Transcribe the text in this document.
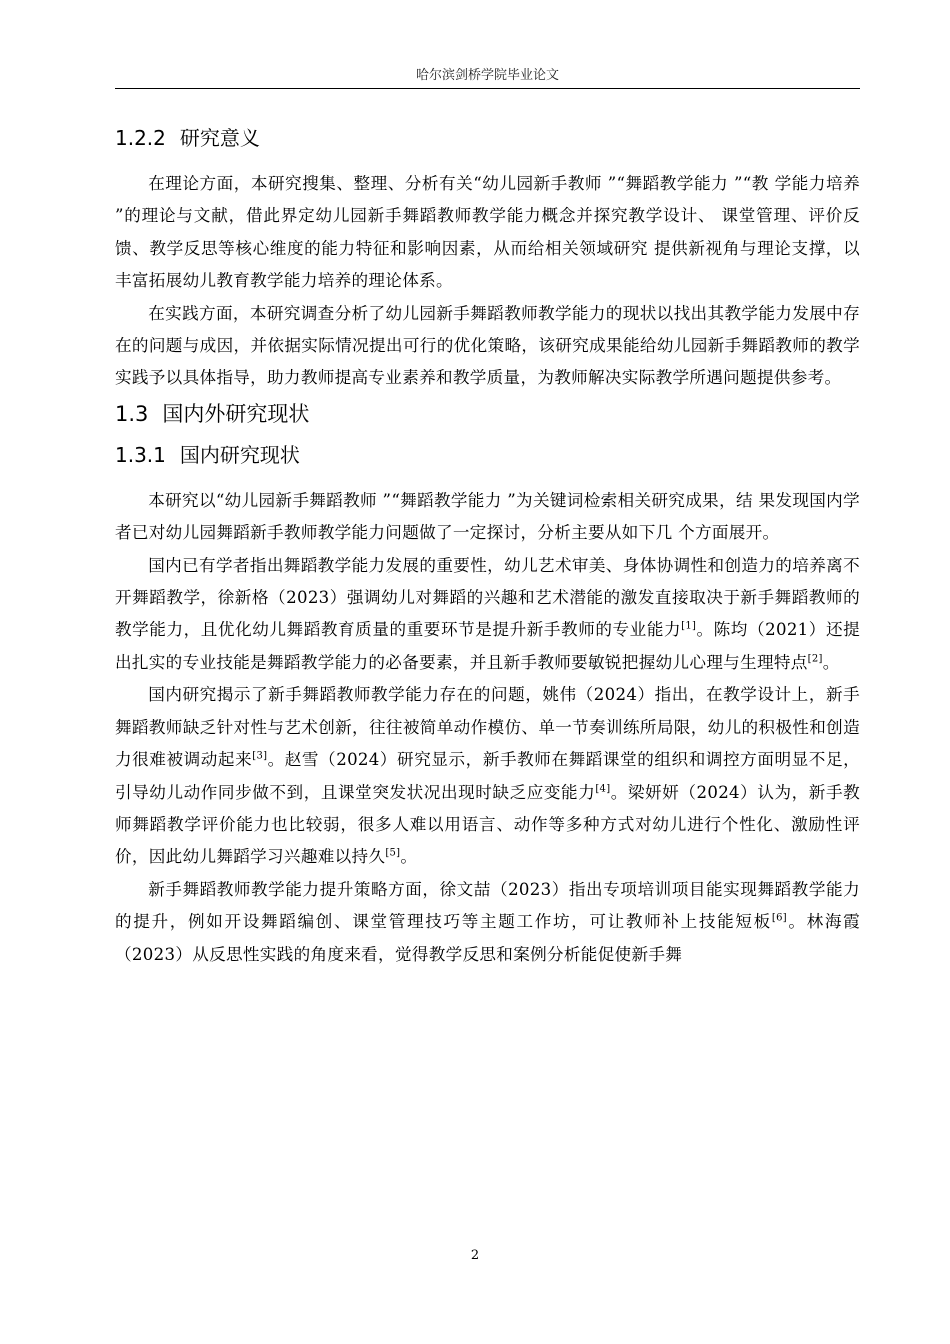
哈尔滨剑桥学院毕业论文
1.2.2 研究意义

在理论方面，本研究搜集、整理、分析有关“幼儿园新手教师 ”“舞蹈教学能力 ”“教 学能力培养 ”的理论与文献，借此界定幼儿园新手舞蹈教师教学能力概念并探究教学设计、 课堂管理、评价反馈、教学反思等核心维度的能力特征和影响因素，从而给相关领域研究 提供新视角与理论支撑，以丰富拓展幼儿教育教学能力培养的理论体系。

在实践方面，本研究调查分析了幼儿园新手舞蹈教师教学能力的现状以找出其教学能力发展中存在的问题与成因，并依据实际情况提出可行的优化策略，该研究成果能给幼儿园新手舞蹈教师的教学实践予以具体指导，助力教师提高专业素养和教学质量，为教师解决实际教学所遇问题提供参考。

1.3 国内外研究现状
1.3.1 国内研究现状

本研究以“幼儿园新手舞蹈教师 ”“舞蹈教学能力 ”为关键词检索相关研究成果，结 果发现国内学者已对幼儿园舞蹈新手教师教学能力问题做了一定探讨，分析主要从如下几 个方面展开。

国内已有学者指出舞蹈教学能力发展的重要性，幼儿艺术审美、身体协调性和创造力的培养离不开舞蹈教学，徐新格（2023）强调幼儿对舞蹈的兴趣和艺术潜能的激发直接取决于新手舞蹈教师的教学能力，且优化幼儿舞蹈教育质量的重要环节是提升新手教师的专业能力[1]。陈均（2021）还提出扎实的专业技能是舞蹈教学能力的必备要素，并且新手教师要敏锐把握幼儿心理与生理特点[2]。

国内研究揭示了新手舞蹈教师教学能力存在的问题，姚伟（2024）指出，在教学设计上，新手舞蹈教师缺乏针对性与艺术创新，往往被简单动作模仿、单一节奏训练所局限，幼儿的积极性和创造力很难被调动起来[3]。赵雪（2024）研究显示，新手教师在舞蹈课堂的组织和调控方面明显不足，引导幼儿动作同步做不到，且课堂突发状况出现时缺乏应变能力[4]。梁妍妍（2024）认为，新手教师舞蹈教学评价能力也比较弱，很多人难以用语言、动作等多种方式对幼儿进行个性化、激励性评价，因此幼儿舞蹈学习兴趣难以持久[5]。

新手舞蹈教师教学能力提升策略方面，徐文喆（2023）指出专项培训项目能实现舞蹈教学能力的提升，例如开设舞蹈编创、课堂管理技巧等主题工作坊，可让教师补上技能短板[6]。林海霞（2023）从反思性实践的角度来看，觉得教学反思和案例分析能促使新手舞

2
